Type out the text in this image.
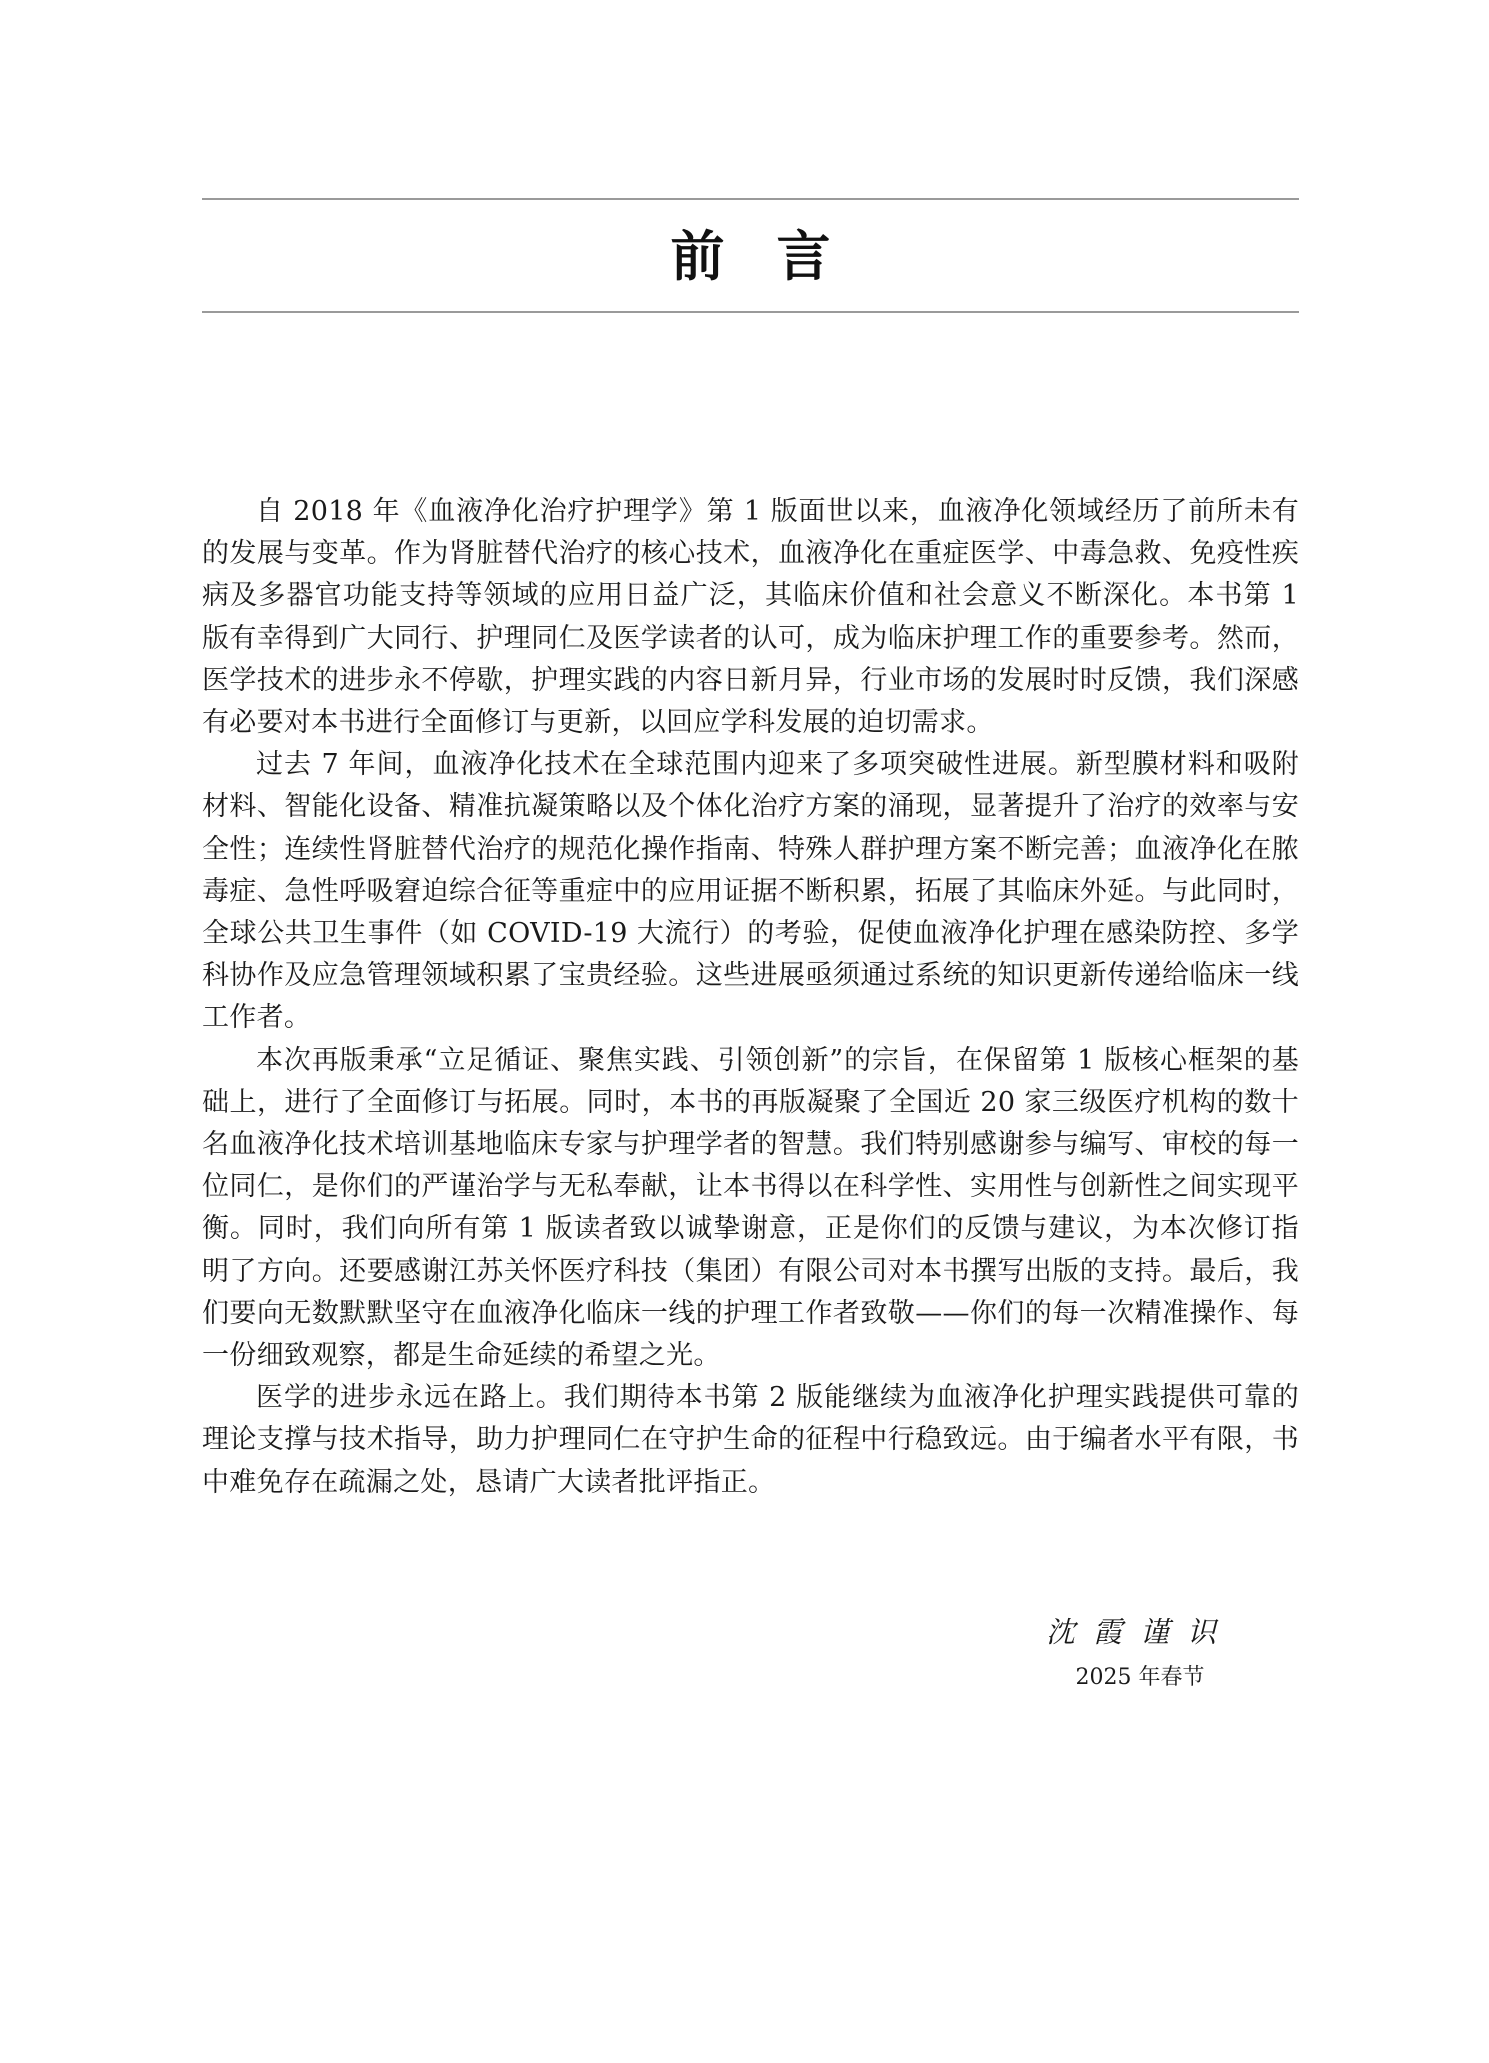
前言

自 2018 年《血液净化治疗护理学》第 1 版面世以来，血液净化领域经历了前所未有的发展与变革。作为肾脏替代治疗的核心技术，血液净化在重症医学、中毒急救、免疫性疾病及多器官功能支持等领域的应用日益广泛，其临床价值和社会意义不断深化。本书第 1 版有幸得到广大同行、护理同仁及医学读者的认可，成为临床护理工作的重要参考。然而，医学技术的进步永不停歇，护理实践的内容日新月异，行业市场的发展时时反馈，我们深感有必要对本书进行全面修订与更新，以回应学科发展的迫切需求。

过去 7 年间，血液净化技术在全球范围内迎来了多项突破性进展。新型膜材料和吸附材料、智能化设备、精准抗凝策略以及个体化治疗方案的涌现，显著提升了治疗的效率与安全性；连续性肾脏替代治疗的规范化操作指南、特殊人群护理方案不断完善；血液净化在脓毒症、急性呼吸窘迫综合征等重症中的应用证据不断积累，拓展了其临床外延。与此同时，全球公共卫生事件（如 COVID-19 大流行）的考验，促使血液净化护理在感染防控、多学科协作及应急管理领域积累了宝贵经验。这些进展亟须通过系统的知识更新传递给临床一线工作者。

本次再版秉承“立足循证、聚焦实践、引领创新”的宗旨，在保留第 1 版核心框架的基础上，进行了全面修订与拓展。同时，本书的再版凝聚了全国近 20 家三级医疗机构的数十名血液净化技术培训基地临床专家与护理学者的智慧。我们特别感谢参与编写、审校的每一位同仁，是你们的严谨治学与无私奉献，让本书得以在科学性、实用性与创新性之间实现平衡。同时，我们向所有第 1 版读者致以诚挚谢意，正是你们的反馈与建议，为本次修订指明了方向。还要感谢江苏关怀医疗科技（集团）有限公司对本书撰写出版的支持。最后，我们要向无数默默坚守在血液净化临床一线的护理工作者致敬——你们的每一次精准操作、每一份细致观察，都是生命延续的希望之光。

医学的进步永远在路上。我们期待本书第 2 版能继续为血液净化护理实践提供可靠的理论支撑与技术指导，助力护理同仁在守护生命的征程中行稳致远。由于编者水平有限，书中难免存在疏漏之处，恳请广大读者批评指正。

沈霞谨识

2025 年春节
